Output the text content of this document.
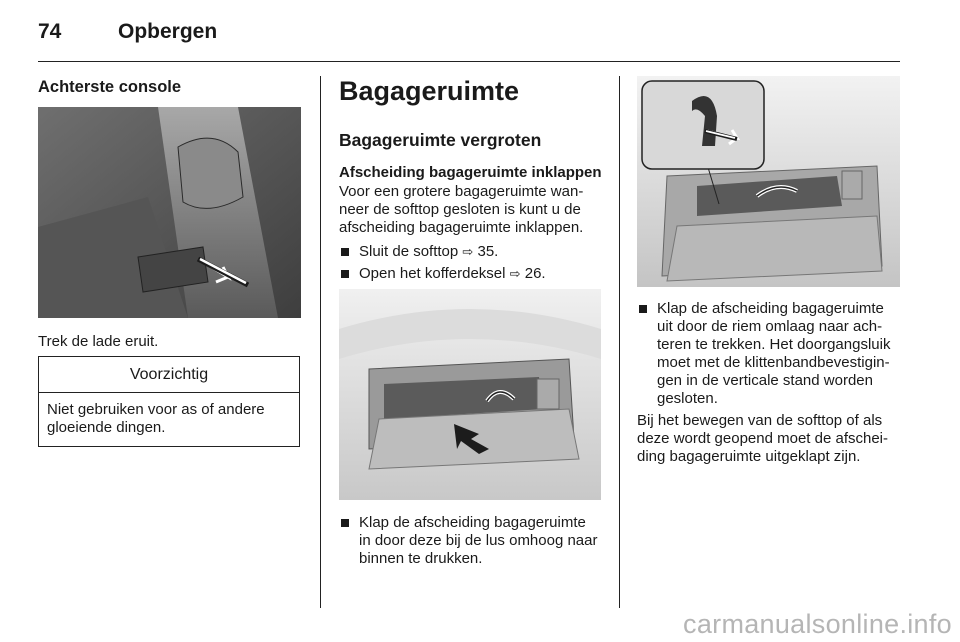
74	Opbergen
Achterste console
Trek de lade eruit.
Voorzichtig
Niet gebruiken voor as of andere
gloeiende dingen.
Bagageruimte
Bagageruimte vergroten
Afscheiding bagageruimte inklappen
Voor een grotere bagageruimte wan-
neer de softtop gesloten is kunt u de
afscheiding bagageruimte inklappen.
Sluit de softtop ⇨ 35.
Open het kofferdeksel ⇨ 26.
Klap de afscheiding bagageruimte
in door deze bij de lus omhoog naar
binnen te drukken.
Klap de afscheiding bagageruimte
uit door de riem omlaag naar ach-
teren te trekken. Het doorgangsluik
moet met de klittenbandbevestigin-
gen in de verticale stand worden
gesloten.
Bij het bewegen van de softtop of als
deze wordt geopend moet de afschei-
ding bagageruimte uitgeklapt zijn.
carmanualsonline.info
